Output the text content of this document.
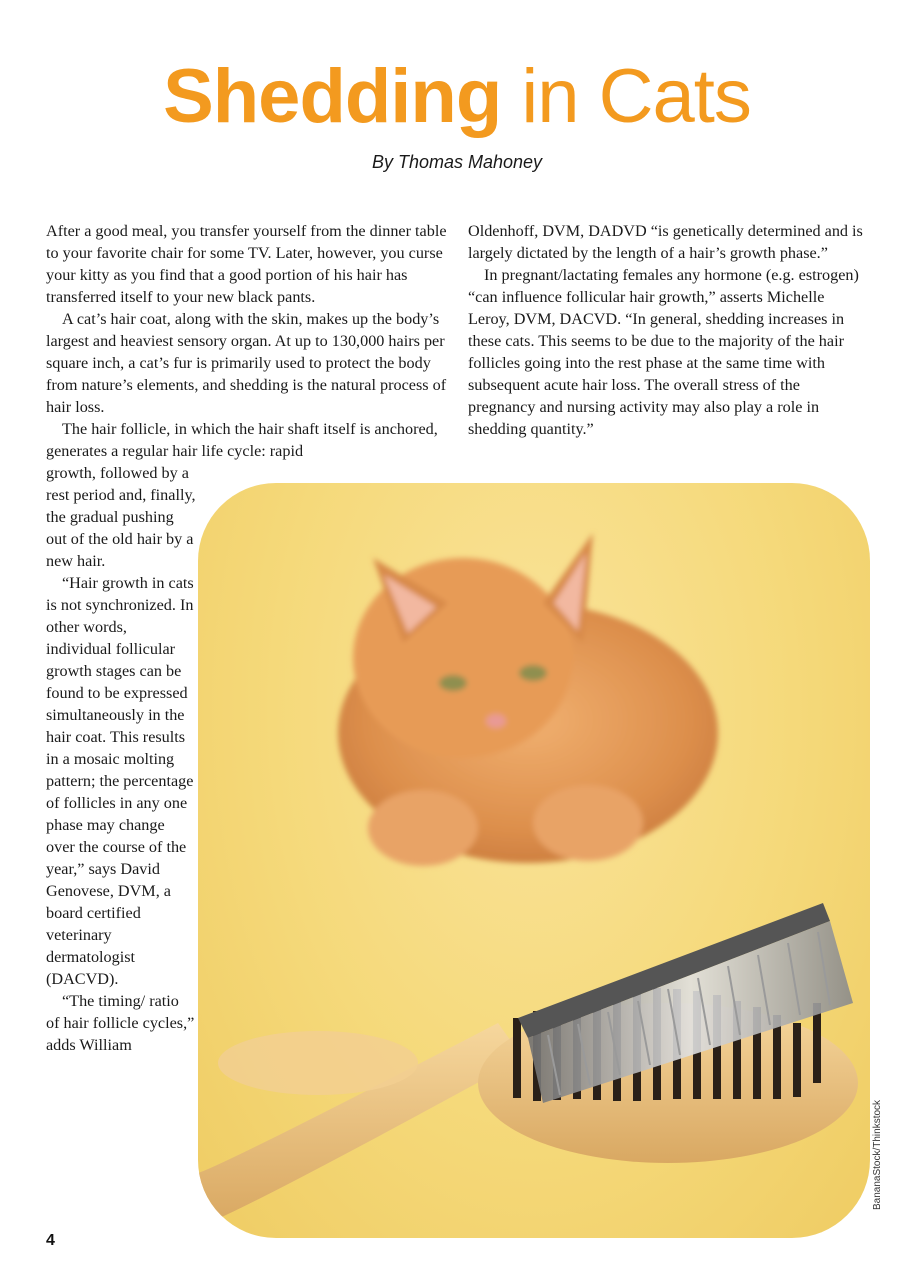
Shedding in Cats
By Thomas Mahoney

After a good meal, you transfer yourself from the dinner table to your favorite chair for some TV. Later, however, you curse your kitty as you find that a good portion of his hair has transferred itself to your new black pants.

A cat’s hair coat, along with the skin, makes up the body’s largest and heaviest sensory organ. At up to 130,000 hairs per square inch, a cat’s fur is primarily used to protect the body from nature’s elements, and shedding is the natural process of hair loss.

The hair follicle, in which the hair shaft itself is anchored, generates a regular hair life cycle: rapid

growth, followed by a rest period and, finally, the gradual pushing out of the old hair by a new hair.

“Hair growth in cats is not synchronized. In other words, individual follicular growth stages can be found to be expressed simultaneously in the hair coat. This results in a mosaic molting pattern; the percentage of follicles in any one phase may change over the course of the year,” says David Genovese, DVM, a board certified veterinary dermatologist (DACVD).

“The timing/ ratio of hair follicle cycles,” adds William

Oldenhoff, DVM, DADVD “is genetically determined and is largely dictated by the length of a hair’s growth phase.”

In pregnant/lactating females any hormone (e.g. estrogen) “can influence follicular hair growth,” asserts Michelle Leroy, DVM, DACVD. “In general, shedding increases in these cats. This seems to be due to the majority of the hair follicles going into the rest phase at the same time with subsequent acute hair loss. The overall stress of the pregnancy and nursing activity may also play a role in shedding quantity.”

BananaStock/Thinkstock
4
